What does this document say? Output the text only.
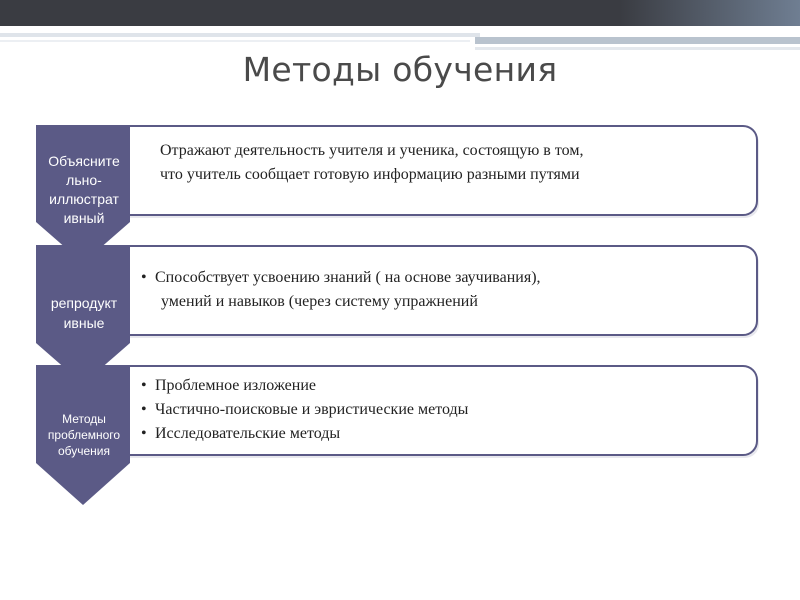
Методы обучения
Объяснитe
льно-
иллюстрат
ивный
репродукт
ивные
Методы
проблемного
обучения
Отражают деятельность учителя и ученика, состоящую в том,
что учитель сообщает готовую информацию разными путями
• Способствует усвоению знаний ( на основе заучивания),
умений и навыков (через систему упражнений
• Проблемное изложение
• Частично-поисковые и эвристические методы
• Исследовательские методы
